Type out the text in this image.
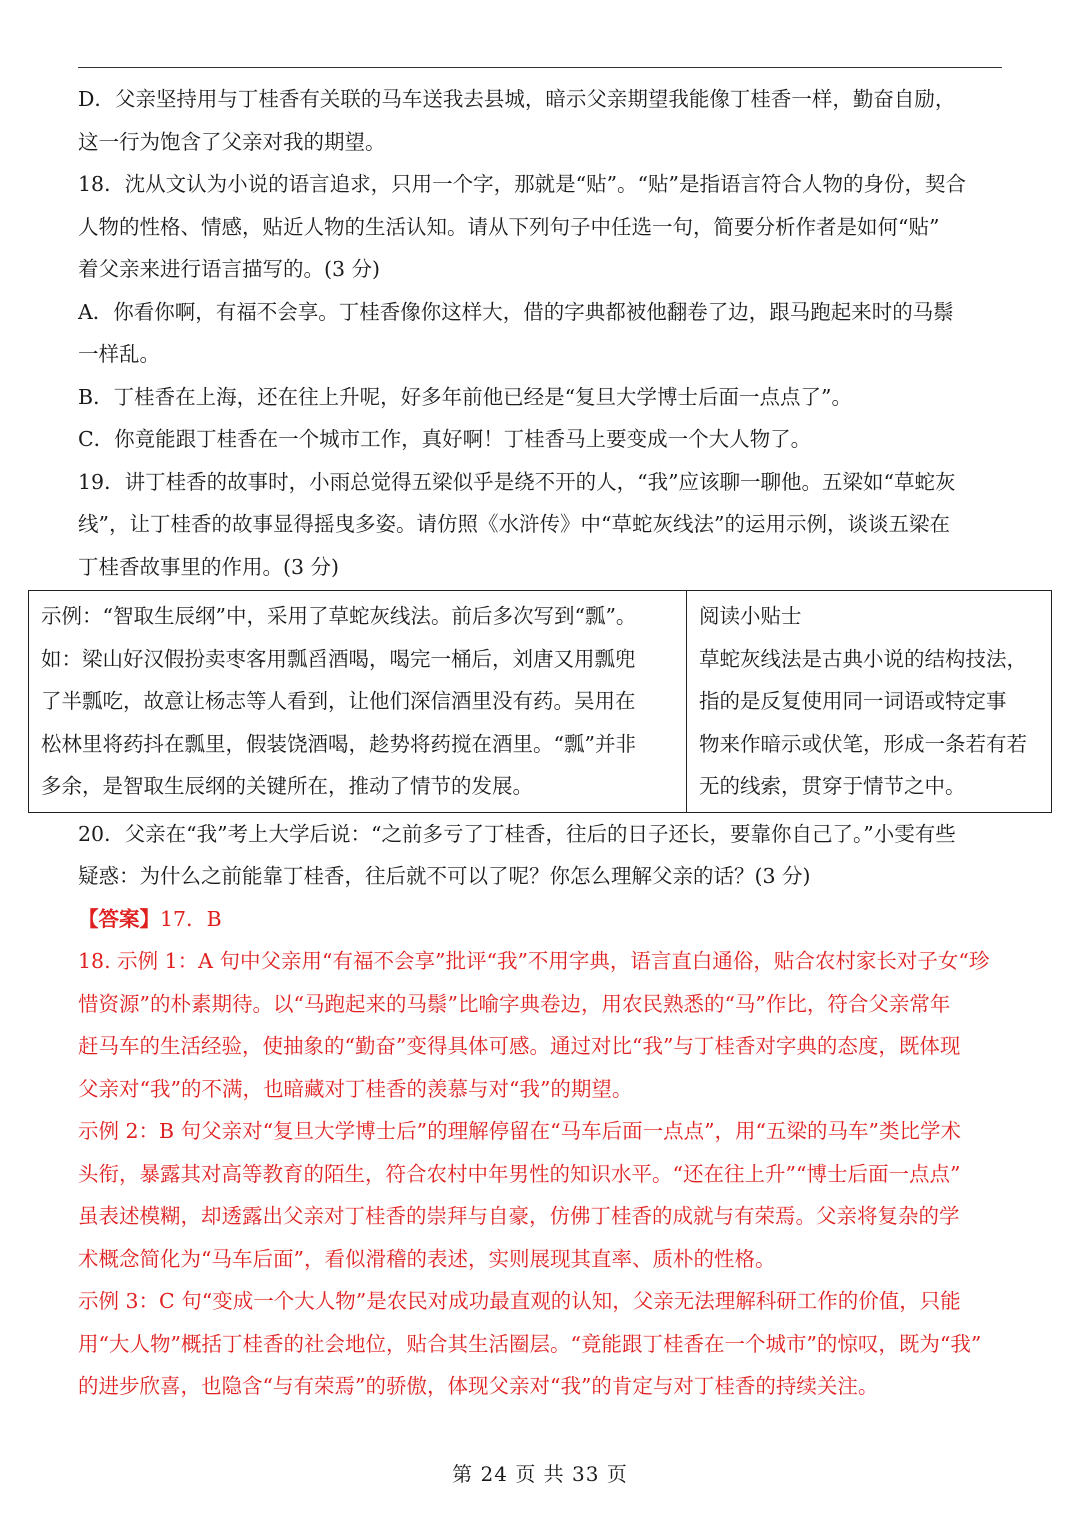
D．父亲坚持用与丁桂香有关联的马车送我去县城，暗示父亲期望我能像丁桂香一样，勤奋自励，

这一行为饱含了父亲对我的期望。

18．沈从文认为小说的语言追求，只用一个字，那就是“贴”。“贴”是指语言符合人物的身份，契合

人物的性格、情感，贴近人物的生活认知。请从下列句子中任选一句，简要分析作者是如何“贴”

着父亲来进行语言描写的。(3 分)

A．你看你啊，有福不会享。丁桂香像你这样大，借的字典都被他翻卷了边，跟马跑起来时的马鬃

一样乱。

B．丁桂香在上海，还在往上升呢，好多年前他已经是“复旦大学博士后面一点点了”。

C．你竟能跟丁桂香在一个城市工作，真好啊！丁桂香马上要变成一个大人物了。

19．讲丁桂香的故事时，小雨总觉得五梁似乎是绕不开的人，“我”应该聊一聊他。五梁如“草蛇灰

线”，让丁桂香的故事显得摇曳多姿。请仿照《水浒传》中“草蛇灰线法”的运用示例，谈谈五梁在

丁桂香故事里的作用。(3 分)

示例：“智取生辰纲”中，采用了草蛇灰线法。前后多次写到“瓢”。

如：梁山好汉假扮卖枣客用瓢舀酒喝，喝完一桶后，刘唐又用瓢兜

了半瓢吃，故意让杨志等人看到，让他们深信酒里没有药。吴用在

松林里将药抖在瓢里，假装饶酒喝，趁势将药搅在酒里。“瓢”并非

多余，是智取生辰纲的关键所在，推动了情节的发展。

阅读小贴士

草蛇灰线法是古典小说的结构技法，

指的是反复使用同一词语或特定事

物来作暗示或伏笔，形成一条若有若

无的线索，贯穿于情节之中。

20．父亲在“我”考上大学后说：“之前多亏了丁桂香，往后的日子还长，要靠你自己了。”小雯有些

疑惑：为什么之前能靠丁桂香，往后就不可以了呢？你怎么理解父亲的话？(3 分)

【答案】17．B

18. 示例 1：A 句中父亲用“有福不会享”批评“我”不用字典，语言直白通俗，贴合农村家长对子女“珍

惜资源”的朴素期待。以“马跑起来的马鬃”比喻字典卷边，用农民熟悉的“马”作比，符合父亲常年

赶马车的生活经验，使抽象的“勤奋”变得具体可感。通过对比“我”与丁桂香对字典的态度，既体现

父亲对“我”的不满，也暗藏对丁桂香的羡慕与对“我”的期望。

示例 2：B 句父亲对“复旦大学博士后”的理解停留在“马车后面一点点”，用“五梁的马车”类比学术

头衔，暴露其对高等教育的陌生，符合农村中年男性的知识水平。“还在往上升”“博士后面一点点”

虽表述模糊，却透露出父亲对丁桂香的崇拜与自豪，仿佛丁桂香的成就与有荣焉。父亲将复杂的学

术概念简化为“马车后面”，看似滑稽的表述，实则展现其直率、质朴的性格。

示例 3：C 句“变成一个大人物”是农民对成功最直观的认知，父亲无法理解科研工作的价值，只能

用“大人物”概括丁桂香的社会地位，贴合其生活圈层。“竟能跟丁桂香在一个城市”的惊叹，既为“我”

的进步欣喜，也隐含“与有荣焉”的骄傲，体现父亲对“我”的肯定与对丁桂香的持续关注。

第 24 页 共 33 页
